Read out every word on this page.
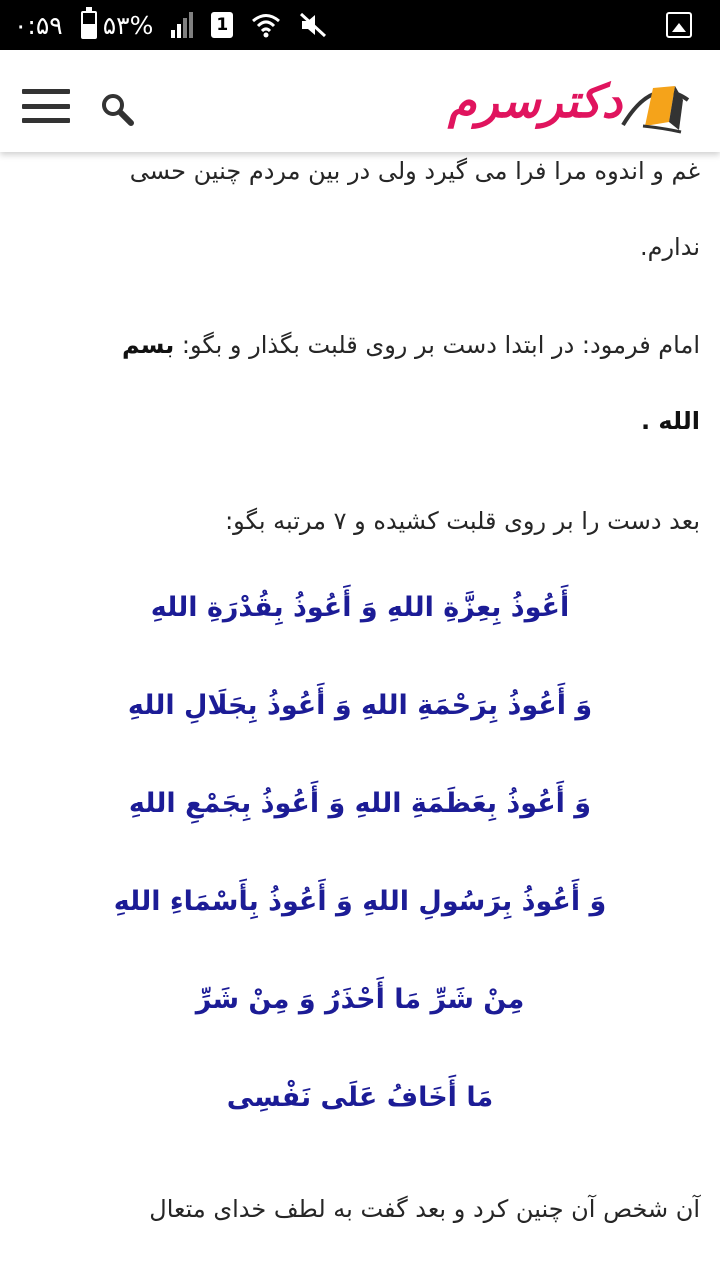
۰:۵۹ ۵۳%	1
دکترسرم

غم و اندوه مرا فرا می گیرد ولی در بین مردم چنین حسی

ندارم.

امام فرمود: در ابتدا دست بر روی قلبت بگذار و بگو: بسم

الله .

بعد دست را بر روی قلبت کشیده و ۷ مرتبه بگو:

أَعُوذُ بِعِزَّةِ اللهِ وَ أَعُوذُ بِقُدْرَةِ اللهِ

وَ أَعُوذُ بِرَحْمَةِ اللهِ وَ أَعُوذُ بِجَلَالِ اللهِ

وَ أَعُوذُ بِعَظَمَةِ اللهِ وَ أَعُوذُ بِجَمْعِ اللهِ

وَ أَعُوذُ بِرَسُولِ اللهِ وَ أَعُوذُ بِأَسْمَاءِ اللهِ

مِنْ شَرِّ مَا أَحْذَرُ وَ مِنْ شَرِّ

مَا أَخَافُ عَلَى نَفْسِی

آن شخص آن چنین کرد و بعد گفت به لطف خدای متعال
